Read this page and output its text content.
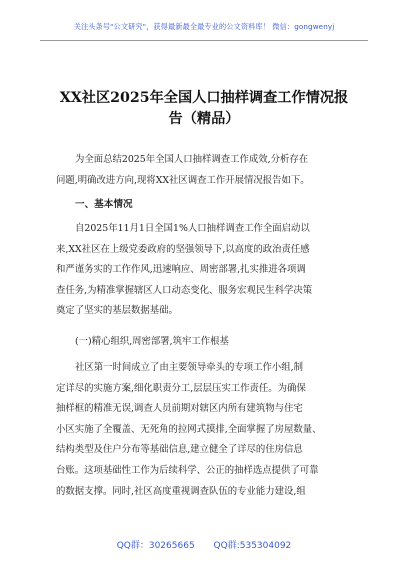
关注头条号"公文研究"，获得最新最全最专业的公文资料库！ 微信：gongwenyj
XX社区2025年全国人口抽样调查工作情况报
告（精品）
为全面总结2025年全国人口抽样调查工作成效,分析存在
问题,明确改进方向,现将XX社区调查工作开展情况报告如下。
一、基本情况
自2025年11月1日全国1%人口抽样调查工作全面启动以
来,XX社区在上级党委政府的坚强领导下,以高度的政治责任感
和严谨务实的工作作风,迅速响应、周密部署,扎实推进各项调
查任务,为精准掌握辖区人口动态变化、服务宏观民生科学决策
奠定了坚实的基层数据基础。
(一)精心组织,周密部署,筑牢工作根基
社区第一时间成立了由主要领导牵头的专项工作小组,制
定详尽的实施方案,细化职责分工,层层压实工作责任。为确保
抽样框的精准无误,调查人员前期对辖区内所有建筑物与住宅
小区实施了全覆盖、无死角的拉网式摸排,全面掌握了房屋数量、
结构类型及住户分布等基础信息,建立健全了详尽的住房信息
台账。这项基础性工作为后续科学、公正的抽样选点提供了可靠
的数据支撑。同时,社区高度重视调查队伍的专业能力建设,组
QQ群：30265665 QQ群:535304092
